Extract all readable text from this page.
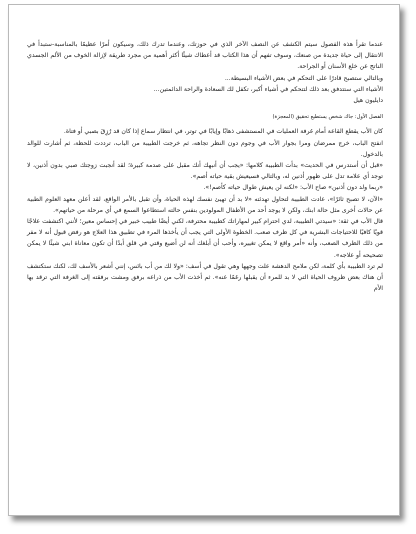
عندما تقرأ هذه الفصول سيتم الكشف عن النصف الآخر الذي في حوزتك، وعندما تدرك ذلك، وسيكون أمرًا عظيمًا بالمناسبة-ستبدأ في الانتقال إلى حياة جديدة من صنعك، وسوف تفهم أن هذا الكتاب قد أعطاك شيئًا أكثر أهمية من مجرد طريقة لإزالة الخوف من الألم الجسدي الناتج عن خلع الأسنان أو الجراحة.

وبالتالي ستصبح قادرًا على التحكم في بعض الأشياء البسيطة...

الأشياء التي ستتدفق بعد ذلك لتتحكم في أشياء أكبر، تكفل لك السعادة والراحة الدائمتين...

دايليون هيل

الفصل الأول: جاك شخص يستطيع تحقيق (المعجزة)

كان الأب يقطع القاعة أمام غرفة العمليات في المستشفى ذهابًا وإيابًا في توتر، في انتظار سماع إذا كان قد رُزِقَ بصبي أو فتاة.

انفتح الباب، خرج ممرضان ومرا بجوار الأب في وجوم دون النظر تجاهه، ثم خرجت الطبيبة من الباب، ترددت للحظة، ثم أشارت للوالد بالدخول.

«قبل أن أستدرس في الحديث» بدأت الطبيبة كلامها: «يجب أن أنبهك أنك مقبل على صدمة كبيرة؛ لقد أنجبت زوجتك صبي بدون أذنين، لا توجد أي علامة تدل على ظهور أذنين له، وبالتالي فسيعيش بقية حياته أصم».

«ربما ولد دون أذنين» صاح الأب: «لكنه لن يعيش طوال حياته كأصم!».

«الآن، لا تصبح ثائرًا»، عادت الطبيبة لتحاول تهدئته «لا بد أن تهيئ نفسك لهذه الحياة، وأن تقبل بالأمر الواقع، لقد أعلن معهد العلوم الطبية عن حالات أخرى مثل حالة ابنك، ولكن لا يوجد أحد من الأطفال المولودين بنفس حالته استطاعوا السمع في أي مرحلة من حياتهم».

قال الأب في ثقة: «سيدتي الطبيبة، لدي احترام كبير لمهاراتك كطبيبة محترفة، لكني أيضًا طبيب خبير في إحساس معين؛ لأنني اكتشفت علاجًا قويًا كافيًا للاحتياجات البشرية في كل ظرف صعب. الخطوة الأولى التي يجب أن يأخذها المرء في تطبيق هذا العلاج هو رفض قبول أنه لا مفر من ذلك الظرف الصعب، وأنه «أمر واقع لا يمكن تغييره، وأحب أن أبلغك أنه لن أضيع وقتي في قلق أبدًا أن تكون معاناة ابني شيئًا لا يمكن تصحيحه أو علاجه».

لم ترد الطبيبة بأي كلمة، لكن ملامح الدهشة علت وجهها وهي تقول في أسف: «ولا لك من أب بائس، إنني أشعر بالأسف لك، لكنك ستكتشف أن هناك بعض ظروف الحياة التي لا بد للمرء أن يقبلها رغمًا عنه». ثم أخذت الأب من ذراعه برفق ومشت برفقته إلى الغرفة التي ترقد بها الأم
